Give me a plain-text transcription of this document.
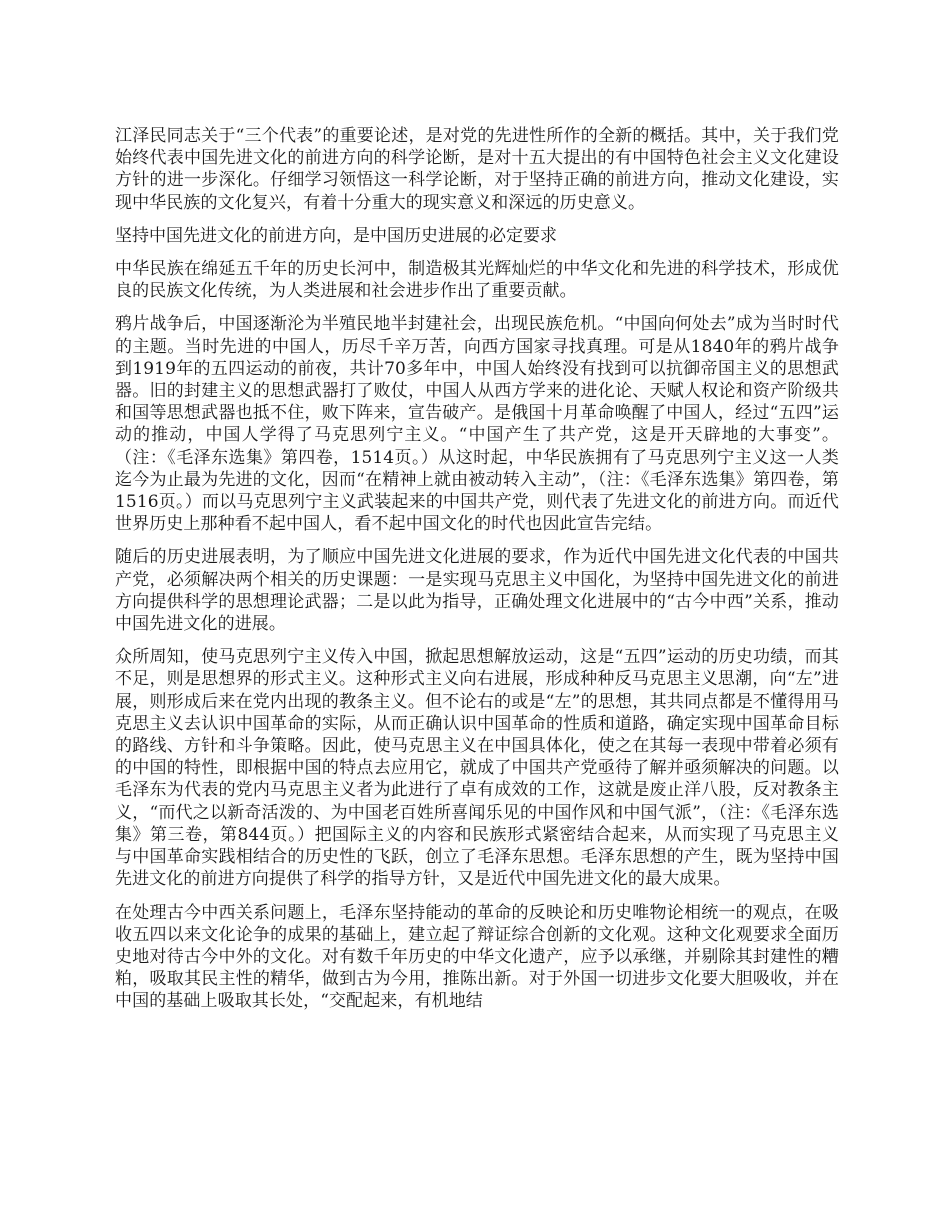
江泽民同志关于“三个代表”的重要论述，是对党的先进性所作的全新的概括。其中，关于我们党始终代表中国先进文化的前进方向的科学论断，是对十五大提出的有中国特色社会主义文化建设方针的进一步深化。仔细学习领悟这一科学论断，对于坚持正确的前进方向，推动文化建设，实现中华民族的文化复兴，有着十分重大的现实意义和深远的历史意义。

坚持中国先进文化的前进方向，是中国历史进展的必定要求

中华民族在绵延五千年的历史长河中，制造极其光辉灿烂的中华文化和先进的科学技术，形成优良的民族文化传统，为人类进展和社会进步作出了重要贡献。

鸦片战争后，中国逐渐沦为半殖民地半封建社会，出现民族危机。“中国向何处去”成为当时时代的主题。当时先进的中国人，历尽千辛万苦，向西方国家寻找真理。可是从1840年的鸦片战争到1919年的五四运动的前夜，共计70多年中，中国人始终没有找到可以抗御帝国主义的思想武器。旧的封建主义的思想武器打了败仗，中国人从西方学来的进化论、天赋人权论和资产阶级共和国等思想武器也抵不住，败下阵来，宣告破产。是俄国十月革命唤醒了中国人，经过“五四”运动的推动，中国人学得了马克思列宁主义。“中国产生了共产党，这是开天辟地的大事变”。（注：《毛泽东选集》第四卷，1514页。）从这时起，中华民族拥有了马克思列宁主义这一人类迄今为止最为先进的文化，因而“在精神上就由被动转入主动”，（注：《毛泽东选集》第四卷，第1516页。）而以马克思列宁主义武装起来的中国共产党，则代表了先进文化的前进方向。而近代世界历史上那种看不起中国人，看不起中国文化的时代也因此宣告完结。

随后的历史进展表明，为了顺应中国先进文化进展的要求，作为近代中国先进文化代表的中国共产党，必须解决两个相关的历史课题：一是实现马克思主义中国化，为坚持中国先进文化的前进方向提供科学的思想理论武器；二是以此为指导，正确处理文化进展中的“古今中西”关系，推动中国先进文化的进展。

众所周知，使马克思列宁主义传入中国，掀起思想解放运动，这是“五四”运动的历史功绩，而其不足，则是思想界的形式主义。这种形式主义向右进展，形成种种反马克思主义思潮，向“左”进展，则形成后来在党内出现的教条主义。但不论右的或是“左”的思想，其共同点都是不懂得用马克思主义去认识中国革命的实际，从而正确认识中国革命的性质和道路，确定实现中国革命目标的路线、方针和斗争策略。因此，使马克思主义在中国具体化，使之在其每一表现中带着必须有的中国的特性，即根据中国的特点去应用它，就成了中国共产党亟待了解并亟须解决的问题。以毛泽东为代表的党内马克思主义者为此进行了卓有成效的工作，这就是废止洋八股，反对教条主义，“而代之以新奇活泼的、为中国老百姓所喜闻乐见的中国作风和中国气派”，（注：《毛泽东选集》第三卷，第844页。）把国际主义的内容和民族形式紧密结合起来，从而实现了马克思主义与中国革命实践相结合的历史性的飞跃，创立了毛泽东思想。毛泽东思想的产生，既为坚持中国先进文化的前进方向提供了科学的指导方针，又是近代中国先进文化的最大成果。

在处理古今中西关系问题上，毛泽东坚持能动的革命的反映论和历史唯物论相统一的观点，在吸收五四以来文化论争的成果的基础上，建立起了辩证综合创新的文化观。这种文化观要求全面历史地对待古今中外的文化。对有数千年历史的中华文化遗产，应予以承继，并剔除其封建性的糟粕，吸取其民主性的精华，做到古为今用，推陈出新。对于外国一切进步文化要大胆吸收，并在中国的基础上吸取其长处，“交配起来，有机地结
